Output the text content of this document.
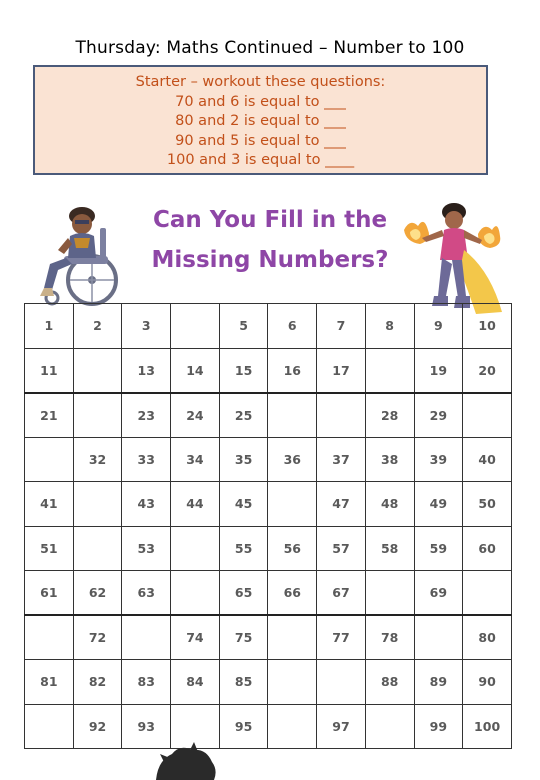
Thursday: Maths Continued – Number to 100
Starter – workout these questions:
70 and 6 is equal to ___
80 and 2 is equal to ___
90 and 5 is equal to ___
100 and 3 is equal to ____
Can You Fill in the
Missing Numbers?
1	2	3		5	6	7	8	9	10
11		13	14	15	16	17		19	20
21		23	24	25			28	29	
	32	33	34	35	36	37	38	39	40
41		43	44	45		47	48	49	50
51		53		55	56	57	58	59	60
61	62	63		65	66	67		69	
	72		74	75		77	78		80
81	82	83	84	85			88	89	90
	92	93		95		97		99	100
